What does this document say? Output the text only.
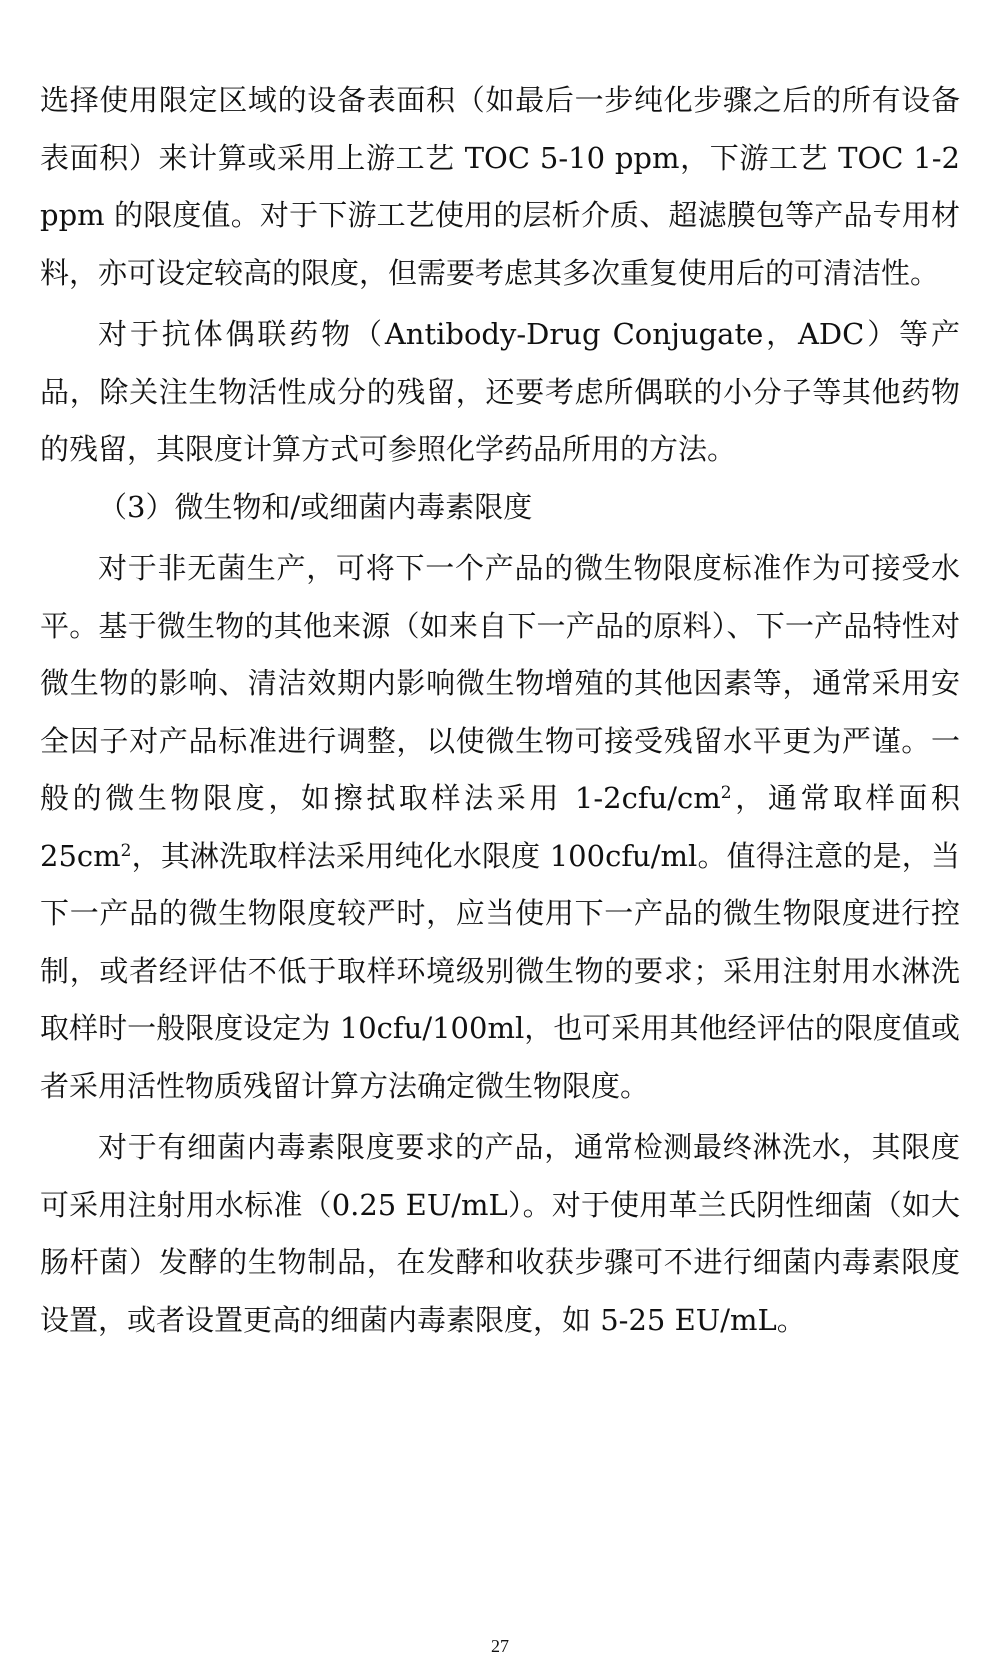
选择使用限定区域的设备表面积（如最后一步纯化步骤之后的所有设备表面积）来计算或采用上游工艺 TOC 5-10 ppm，下游工艺 TOC 1-2 ppm 的限度值。对于下游工艺使用的层析介质、超滤膜包等产品专用材料，亦可设定较高的限度，但需要考虑其多次重复使用后的可清洁性。

对于抗体偶联药物（Antibody-Drug Conjugate，ADC）等产品，除关注生物活性成分的残留，还要考虑所偶联的小分子等其他药物的残留，其限度计算方式可参照化学药品所用的方法。

（3）微生物和/或细菌内毒素限度

对于非无菌生产，可将下一个产品的微生物限度标准作为可接受水平。基于微生物的其他来源（如来自下一产品的原料）、下一产品特性对微生物的影响、清洁效期内影响微生物增殖的其他因素等，通常采用安全因子对产品标准进行调整，以使微生物可接受残留水平更为严谨。一般的微生物限度，如擦拭取样法采用 $1-2cfu/cm^2$，通常取样面积 $25cm^2$，其淋洗取样法采用纯化水限度 100cfu/ml。值得注意的是，当下一产品的微生物限度较严时，应当使用下一产品的微生物限度进行控制，或者经评估不低于取样环境级别微生物的要求；采用注射用水淋洗取样时一般限度设定为 10cfu/100ml，也可采用其他经评估的限度值或者采用活性物质残留计算方法确定微生物限度。

对于有细菌内毒素限度要求的产品，通常检测最终淋洗水，其限度可采用注射用水标准（0.25 EU/mL）。对于使用革兰氏阴性细菌（如大肠杆菌）发酵的生物制品，在发酵和收获步骤可不进行细菌内毒素限度设置，或者设置更高的细菌内毒素限度，如 5-25 EU/mL。

27
